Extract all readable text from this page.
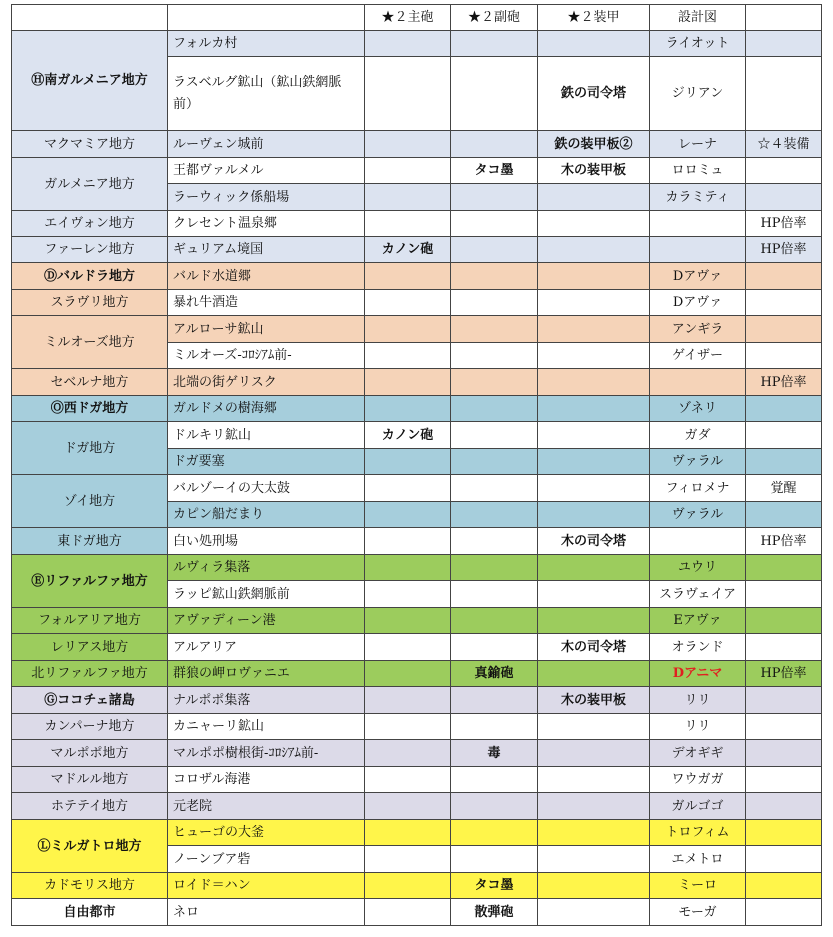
		★２主砲	★２副砲	★２装甲	設計図	
Ⓗ南ガルメニア地方	フォルカ村				ライオット	
	ラスベルグ鉱山（鉱山鉄網脈前）			鉄の司令塔	ジリアン	
マクマミア地方	ルーヴェン城前			鉄の装甲板②	レーナ	☆４装備
ガルメニア地方	王都ヴァルメル		タコ墨	木の装甲板	ロロミュ	
	ラーウィック係船場				カラミティ	
エイヴォン地方	クレセント温泉郷					HP倍率
ファーレン地方	ギュリアム境国	カノン砲				HP倍率
Ⓓバルドラ地方	バルド水道郷				Dアヴァ	
スラヴリ地方	暴れ牛酒造				Dアヴァ	
ミルオーズ地方	アルローサ鉱山				アンギラ	
	ミルオーズ-ｺﾛｼｱﾑ前-				ゲイザー	
セベルナ地方	北端の街ゲリスク					HP倍率
Ⓞ西ドガ地方	ガルドメの樹海郷				ゾネリ	
ドガ地方	ドルキリ鉱山	カノン砲			ガダ	
	ドガ要塞				ヴァラル	
ゾイ地方	バルゾーイの大太鼓				フィロメナ	覚醒
	カピン船だまり				ヴァラル	
東ドガ地方	白い処刑場			木の司令塔		HP倍率
Ⓔリファルファ地方	ルヴィラ集落				ユウリ	
	ラッピ鉱山鉄網脈前				スラヴェイア	
フォルアリア地方	アヴァディーン港				Eアヴァ	
レリアス地方	アルアリア			木の司令塔	オランド	
北リファルファ地方	群狼の岬ロヴァニエ		真鍮砲		Dアニマ	HP倍率
Ⓖココチェ諸島	ナルポポ集落			木の装甲板	リリ	
カンパーナ地方	カニャーリ鉱山				リリ	
マルポポ地方	マルポポ樹根街-ｺﾛｼｱﾑ前-		毒		デオギギ	
マドルル地方	コロザル海港				ワウガガ	
ホテテイ地方	元老院				ガルゴゴ	
Ⓛミルガトロ地方	ヒューゴの大釜				トロフィム	
	ノーンブア砦				エメトロ	
カドモリス地方	ロイド＝ハン		タコ墨		ミーロ	
自由都市	ネロ		散弾砲		モーガ	
